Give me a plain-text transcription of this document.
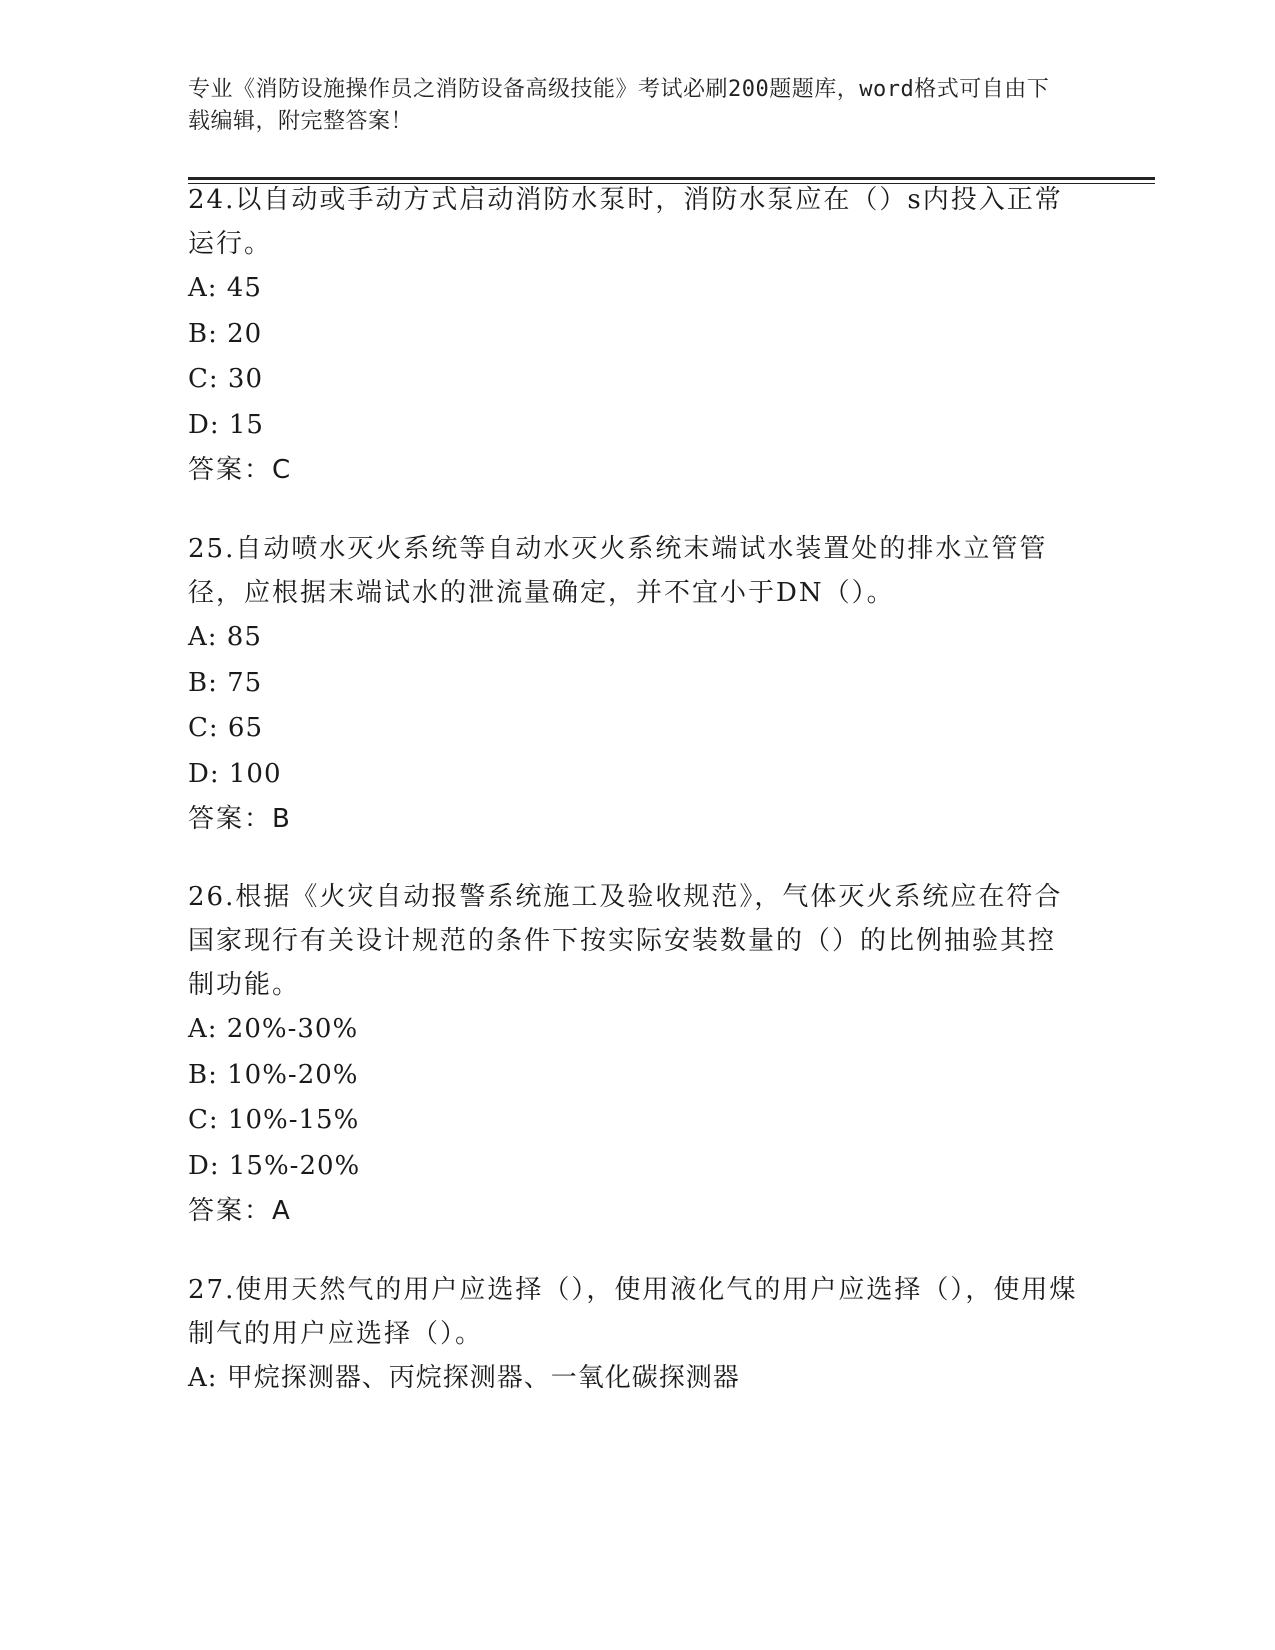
专业《消防设施操作员之消防设备高级技能》考试必刷200题题库，word格式可自由下载编辑，附完整答案！

24.以自动或手动方式启动消防水泵时，消防水泵应在（）s内投入正常运行。

A: 45

B: 20

C: 30

D: 15

答案：C

25.自动喷水灭火系统等自动水灭火系统末端试水装置处的排水立管管径，应根据末端试水的泄流量确定，并不宜小于DN（）。

A: 85

B: 75

C: 65

D: 100

答案：B

26.根据《火灾自动报警系统施工及验收规范》，气体灭火系统应在符合国家现行有关设计规范的条件下按实际安装数量的（）的比例抽验其控制功能。

A: 20%-30%

B: 10%-20%

C: 10%-15%

D: 15%-20%

答案：A

27.使用天然气的用户应选择（），使用液化气的用户应选择（），使用煤制气的用户应选择（）。

A: 甲烷探测器、丙烷探测器、一氧化碳探测器
